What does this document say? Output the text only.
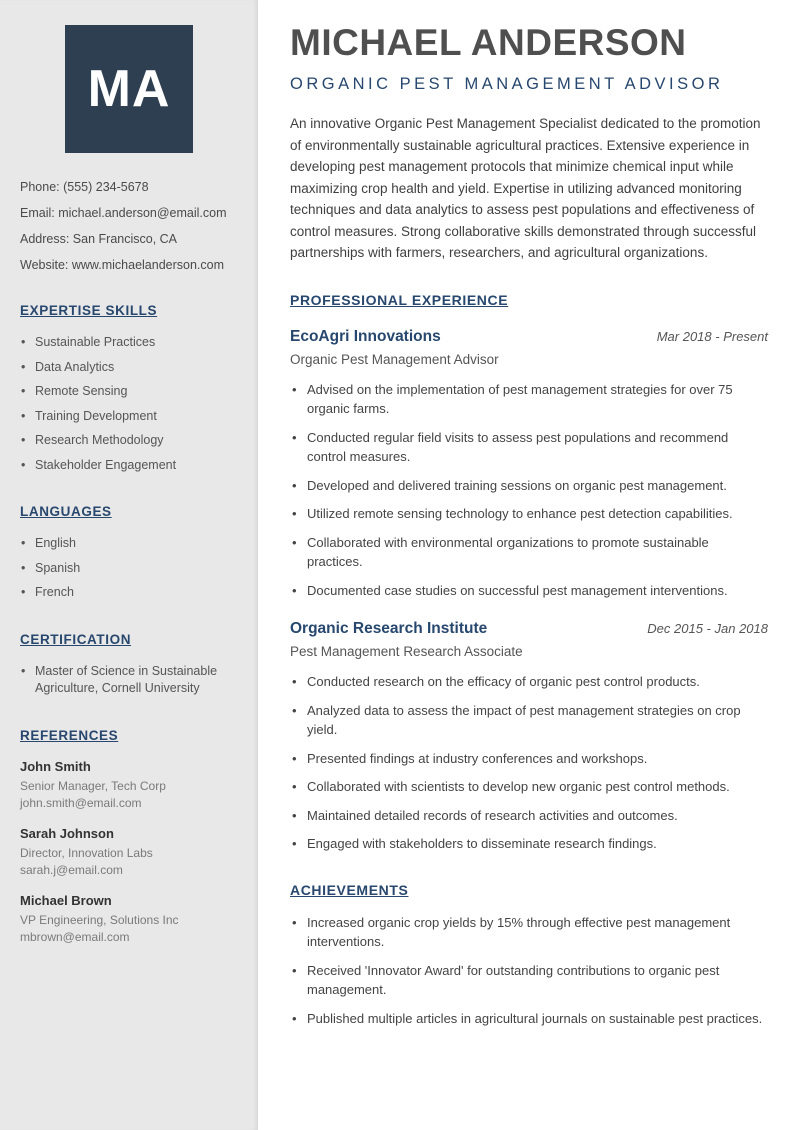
MA
Phone: (555) 234-5678
Email: michael.anderson@email.com
Address: San Francisco, CA
Website: www.michaelanderson.com
EXPERTISE SKILLS
• Sustainable Practices
• Data Analytics
• Remote Sensing
• Training Development
• Research Methodology
• Stakeholder Engagement
LANGUAGES
• English
• Spanish
• French
CERTIFICATION
• Master of Science in Sustainable Agriculture, Cornell University
REFERENCES
John Smith
Senior Manager, Tech Corp
john.smith@email.com
Sarah Johnson
Director, Innovation Labs
sarah.j@email.com
Michael Brown
VP Engineering, Solutions Inc
mbrown@email.com
MICHAEL ANDERSON
ORGANIC PEST MANAGEMENT ADVISOR

An innovative Organic Pest Management Specialist dedicated to the promotion of environmentally sustainable agricultural practices. Extensive experience in developing pest management protocols that minimize chemical input while maximizing crop health and yield. Expertise in utilizing advanced monitoring techniques and data analytics to assess pest populations and effectiveness of control measures. Strong collaborative skills demonstrated through successful partnerships with farmers, researchers, and agricultural organizations.

PROFESSIONAL EXPERIENCE
EcoAgri Innovations	Mar 2018 - Present
Organic Pest Management Advisor
• Advised on the implementation of pest management strategies for over 75 organic farms.
• Conducted regular field visits to assess pest populations and recommend control measures.
• Developed and delivered training sessions on organic pest management.
• Utilized remote sensing technology to enhance pest detection capabilities.
• Collaborated with environmental organizations to promote sustainable practices.
• Documented case studies on successful pest management interventions.
Organic Research Institute	Dec 2015 - Jan 2018
Pest Management Research Associate
• Conducted research on the efficacy of organic pest control products.
• Analyzed data to assess the impact of pest management strategies on crop yield.
• Presented findings at industry conferences and workshops.
• Collaborated with scientists to develop new organic pest control methods.
• Maintained detailed records of research activities and outcomes.
• Engaged with stakeholders to disseminate research findings.
ACHIEVEMENTS
• Increased organic crop yields by 15% through effective pest management interventions.
• Received 'Innovator Award' for outstanding contributions to organic pest management.
• Published multiple articles in agricultural journals on sustainable pest practices.
